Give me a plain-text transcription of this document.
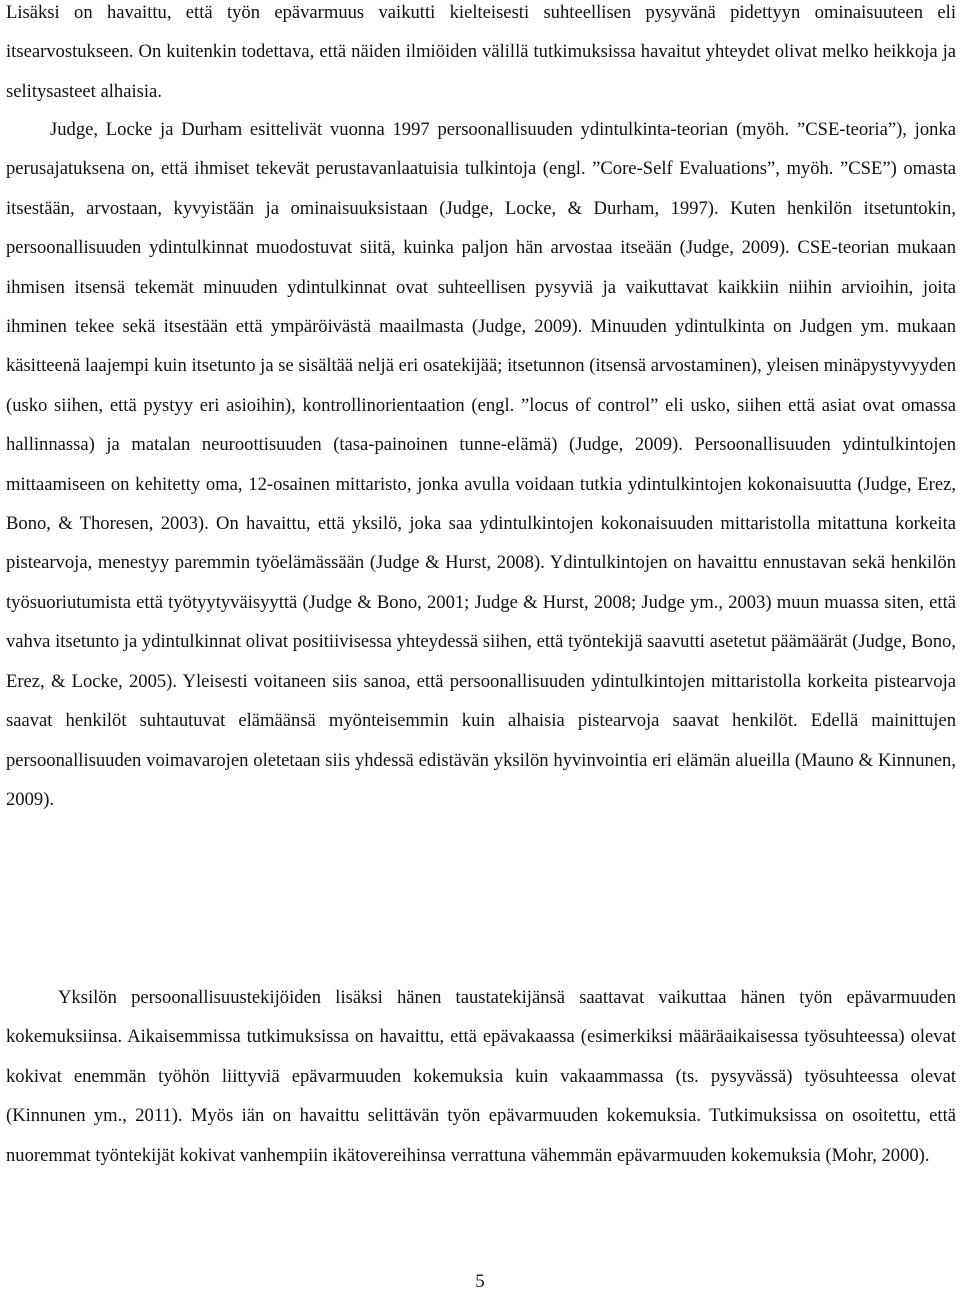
Lisäksi on havaittu, että työn epävarmuus vaikutti kielteisesti suhteellisen pysyvänä pidettyyn ominaisuuteen eli itsearvostukseen. On kuitenkin todettava, että näiden ilmiöiden välillä tutkimuksissa havaitut yhteydet olivat melko heikkoja ja selitysasteet alhaisia.

Judge, Locke ja Durham esittelivät vuonna 1997 persoonallisuuden ydintulkinta-teorian (myöh. ”CSE-teoria”), jonka perusajatuksena on, että ihmiset tekevät perustavanlaatuisia tulkintoja (engl. ”Core-Self Evaluations”, myöh. ”CSE”) omasta itsestään, arvostaan, kyvyistään ja ominaisuuksistaan (Judge, Locke, & Durham, 1997). Kuten henkilön itsetuntokin, persoonallisuuden ydintulkinnat muodostuvat siitä, kuinka paljon hän arvostaa itseään (Judge, 2009). CSE-teorian mukaan ihmisen itsensä tekemät minuuden ydintulkinnat ovat suhteellisen pysyviä ja vaikuttavat kaikkiin niihin arvioihin, joita ihminen tekee sekä itsestään että ympäröivästä maailmasta (Judge, 2009). Minuuden ydintulkinta on Judgen ym. mukaan käsitteenä laajempi kuin itsetunto ja se sisältää neljä eri osatekijää; itsetunnon (itsensä arvostaminen), yleisen minäpystyvyyden (usko siihen, että pystyy eri asioihin), kontrollinorientaation (engl. ”locus of control” eli usko, siihen että asiat ovat omassa hallinnassa) ja matalan neuroottisuuden (tasa-painoinen tunne-elämä) (Judge, 2009). Persoonallisuuden ydintulkintojen mittaamiseen on kehitetty oma, 12-osainen mittaristo, jonka avulla voidaan tutkia ydintulkintojen kokonaisuutta (Judge, Erez, Bono, & Thoresen, 2003). On havaittu, että yksilö, joka saa ydintulkintojen kokonaisuuden mittaristolla mitattuna korkeita pistearvoja, menestyy paremmin työelämässään (Judge & Hurst, 2008). Ydintulkintojen on havaittu ennustavan sekä henkilön työsuoriutumista että työtyytyväisyyttä (Judge & Bono, 2001; Judge & Hurst, 2008; Judge ym., 2003) muun muassa siten, että vahva itsetunto ja ydintulkinnat olivat positiivisessa yhteydessä siihen, että työntekijä saavutti asetetut päämäärät (Judge, Bono, Erez, & Locke, 2005). Yleisesti voitaneen siis sanoa, että persoonallisuuden ydintulkintojen mittaristolla korkeita pistearvoja saavat henkilöt suhtautuvat elämäänsä myönteisemmin kuin alhaisia pistearvoja saavat henkilöt. Edellä mainittujen persoonallisuuden voimavarojen oletetaan siis yhdessä edistävän yksilön hyvinvointia eri elämän alueilla (Mauno & Kinnunen, 2009).

Yksilön persoonallisuustekijöiden lisäksi hänen taustatekijänsä saattavat vaikuttaa hänen työn epävarmuuden kokemuksiinsa. Aikaisemmissa tutkimuksissa on havaittu, että epävakaassa (esimerkiksi määräaikaisessa työsuhteessa) olevat kokivat enemmän työhön liittyviä epävarmuuden kokemuksia kuin vakaammassa (ts. pysyvässä) työsuhteessa olevat (Kinnunen ym., 2011). Myös iän on havaittu selittävän työn epävarmuuden kokemuksia. Tutkimuksissa on osoitettu, että nuoremmat työntekijät kokivat vanhempiin ikätovereihinsa verrattuna vähemmän epävarmuuden kokemuksia (Mohr, 2000).

5
